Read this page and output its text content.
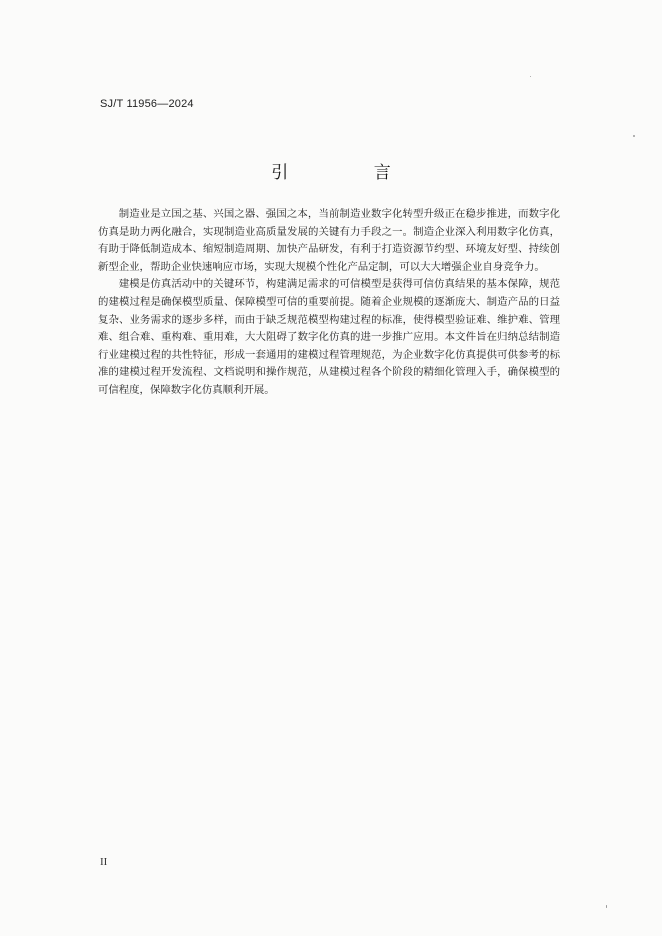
SJ/T 11956—2024
引 言

制造业是立国之基、兴国之器、强国之本，当前制造业数字化转型升级正在稳步推进，而数字化仿真是助力两化融合，实现制造业高质量发展的关键有力手段之一。制造企业深入利用数字化仿真，有助于降低制造成本、缩短制造周期、加快产品研发，有利于打造资源节约型、环境友好型、持续创新型企业，帮助企业快速响应市场，实现大规模个性化产品定制，可以大大增强企业自身竞争力。

建模是仿真活动中的关键环节，构建满足需求的可信模型是获得可信仿真结果的基本保障，规范的建模过程是确保模型质量、保障模型可信的重要前提。随着企业规模的逐渐庞大、制造产品的日益复杂、业务需求的逐步多样，而由于缺乏规范模型构建过程的标准，使得模型验证难、维护难、管理难、组合难、重构难、重用难，大大阻碍了数字化仿真的进一步推广应用。本文件旨在归纳总结制造行业建模过程的共性特征，形成一套通用的建模过程管理规范，为企业数字化仿真提供可供参考的标准的建模过程开发流程、文档说明和操作规范，从建模过程各个阶段的精细化管理入手，确保模型的可信程度，保障数字化仿真顺利开展。

II
